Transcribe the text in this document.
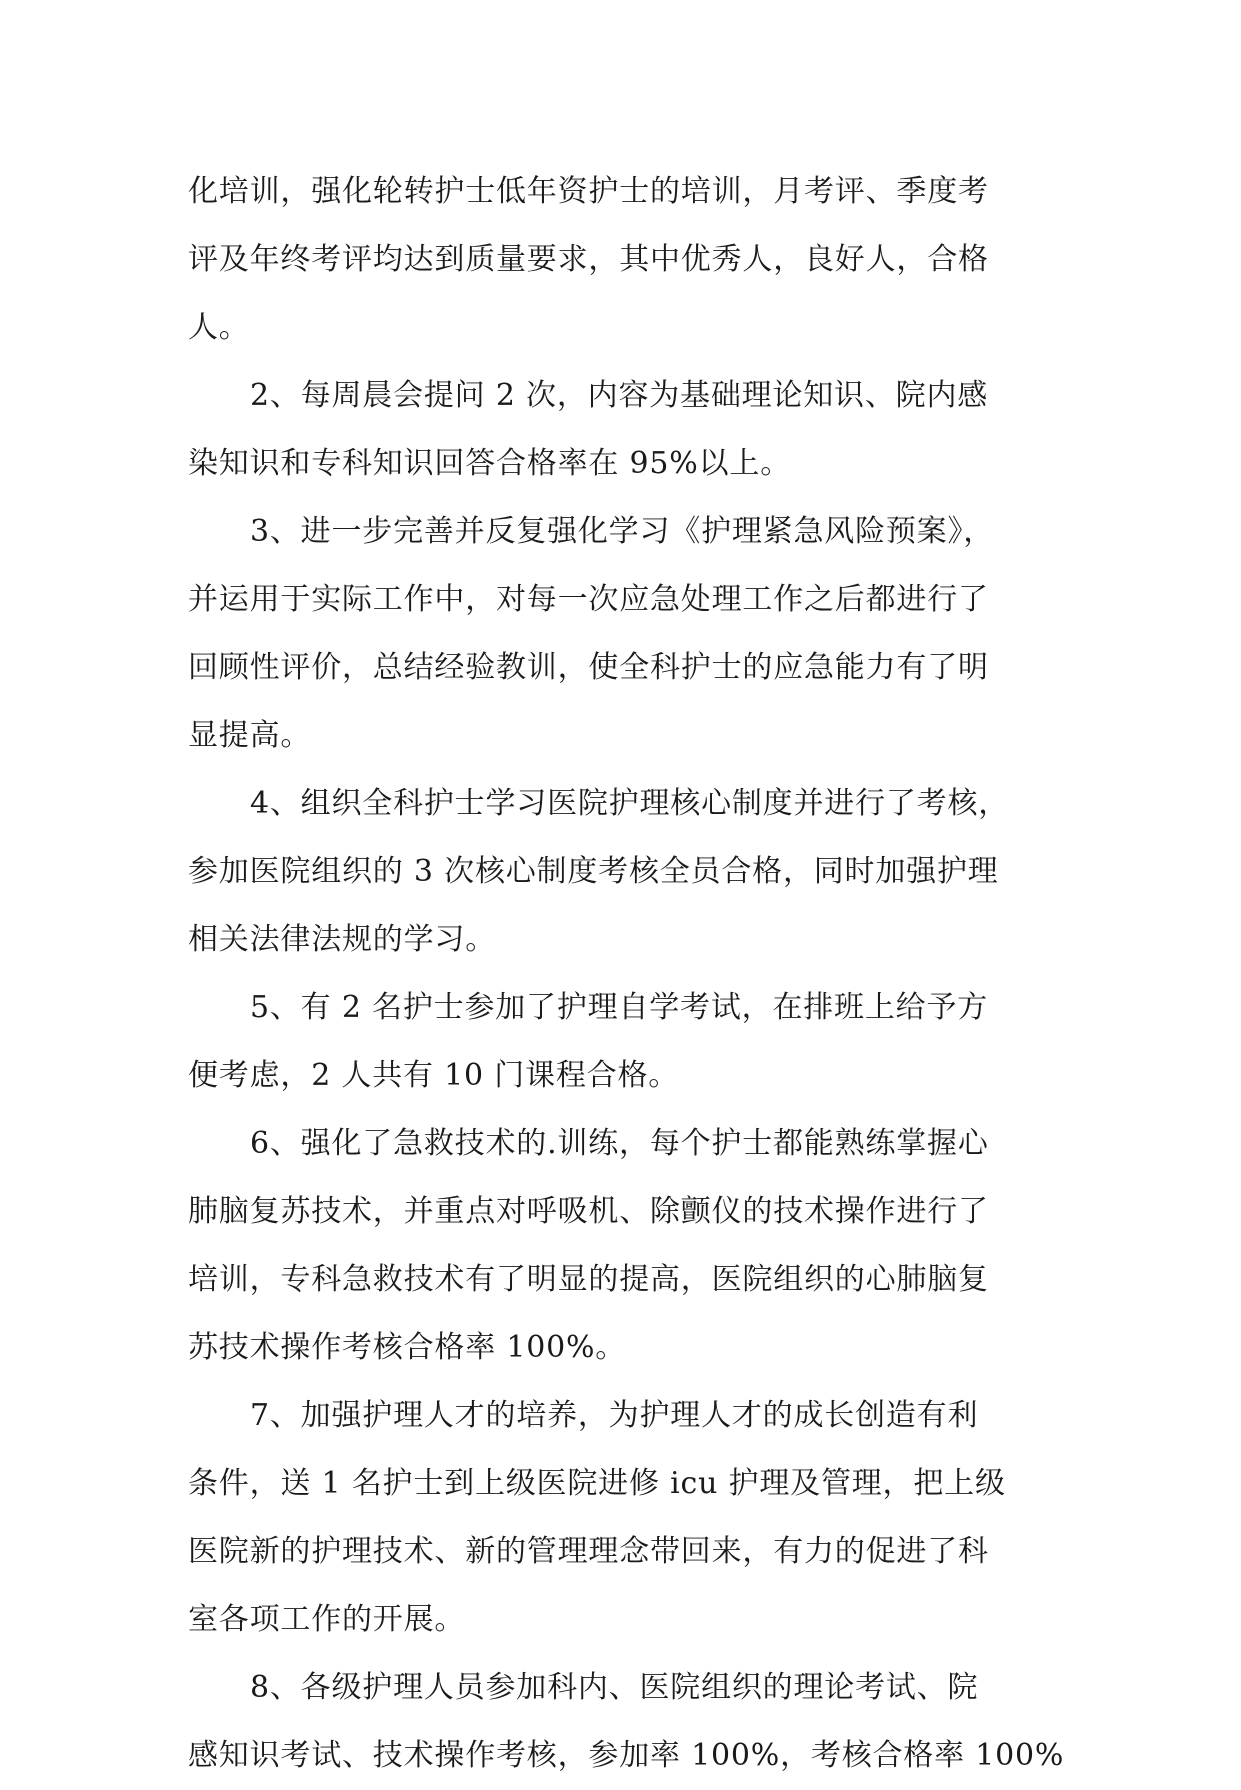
化培训，强化轮转护士低年资护士的培训，月考评、季度考
评及年终考评均达到质量要求，其中优秀人，良好人，合格
人。
2、每周晨会提问 2 次，内容为基础理论知识、院内感
染知识和专科知识回答合格率在 95%以上。
3、进一步完善并反复强化学习《护理紧急风险预案》，
并运用于实际工作中，对每一次应急处理工作之后都进行了
回顾性评价，总结经验教训，使全科护士的应急能力有了明
显提高。
4、组织全科护士学习医院护理核心制度并进行了考核，
参加医院组织的 3 次核心制度考核全员合格，同时加强护理
相关法律法规的学习。
5、有 2 名护士参加了护理自学考试，在排班上给予方
便考虑，2 人共有 10 门课程合格。
6、强化了急救技术的.训练，每个护士都能熟练掌握心
肺脑复苏技术，并重点对呼吸机、除颤仪的技术操作进行了
培训，专科急救技术有了明显的提高，医院组织的心肺脑复
苏技术操作考核合格率 100%。
7、加强护理人才的培养，为护理人才的成长创造有利
条件，送 1 名护士到上级医院进修 icu 护理及管理，把上级
医院新的护理技术、新的管理理念带回来，有力的促进了科
室各项工作的开展。
8、各级护理人员参加科内、医院组织的理论考试、院
感知识考试、技术操作考核，参加率 100%，考核合格率 100%
